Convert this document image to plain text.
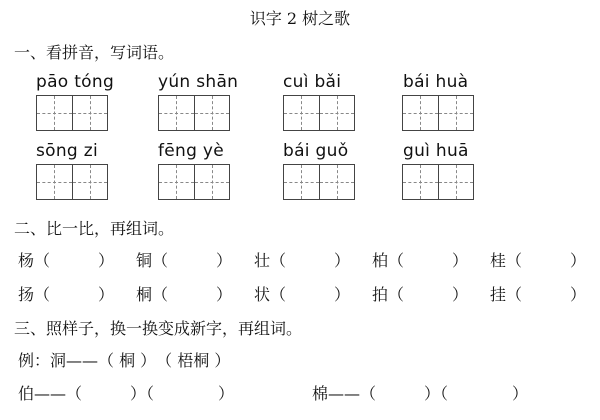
识字 2 树之歌
一、看拼音，写词语。
pāo tóng	yún shān	cuì bǎi	bái huà
sōng zi	fēng yè	bái guǒ	guì huā
二、比一比，再组词。
杨（　　　） 铜（　　　） 壮（　　　） 柏（　　　） 桂（　　　）
扬（　　　） 桐（　　　） 状（　　　） 拍（　　　） 挂（　　　）
三、照样子，换一换变成新字，再组词。
例：洞——（ 桐 ）　（ 梧桐 ）
伯——（　　　）（　　　　）	棉——（　　　）（　　　　）
